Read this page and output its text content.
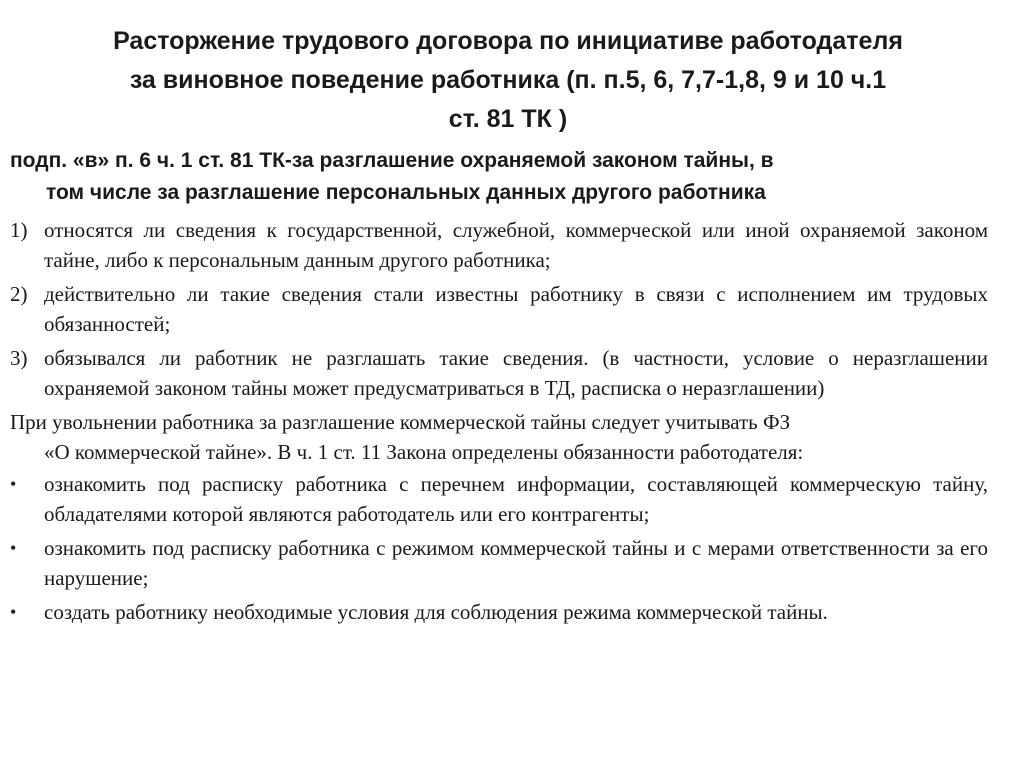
Расторжение трудового договора по инициативе работодателя
за виновное поведение работника (п. п.5, 6, 7,7-1,8, 9 и 10 ч.1
ст. 81 ТК )
подп. «в» п. 6 ч. 1 ст. 81 ТК-за разглашение охраняемой законом тайны, в
том числе за разглашение персональных данных другого работника
1) относятся ли сведения к государственной, служебной, коммерческой или иной охраняемой законом тайне, либо к персональным данным другого работника;
2) действительно ли такие сведения стали известны работнику в связи с исполнением им трудовых обязанностей;
3) обязывался ли работник не разглашать такие сведения. (в частности, условие о неразглашении охраняемой законом тайны может предусматриваться в ТД, расписка о неразглашении)
При увольнении работника за разглашение коммерческой тайны следует учитывать ФЗ
«О коммерческой тайне». В ч. 1 ст. 11 Закона определены обязанности работодателя:
•	ознакомить под расписку работника с перечнем информации, составляющей коммерческую тайну, обладателями которой являются работодатель или его контрагенты;
•	ознакомить под расписку работника с режимом коммерческой тайны и с мерами ответственности за его нарушение;
•	создать работнику необходимые условия для соблюдения режима коммерческой тайны.
